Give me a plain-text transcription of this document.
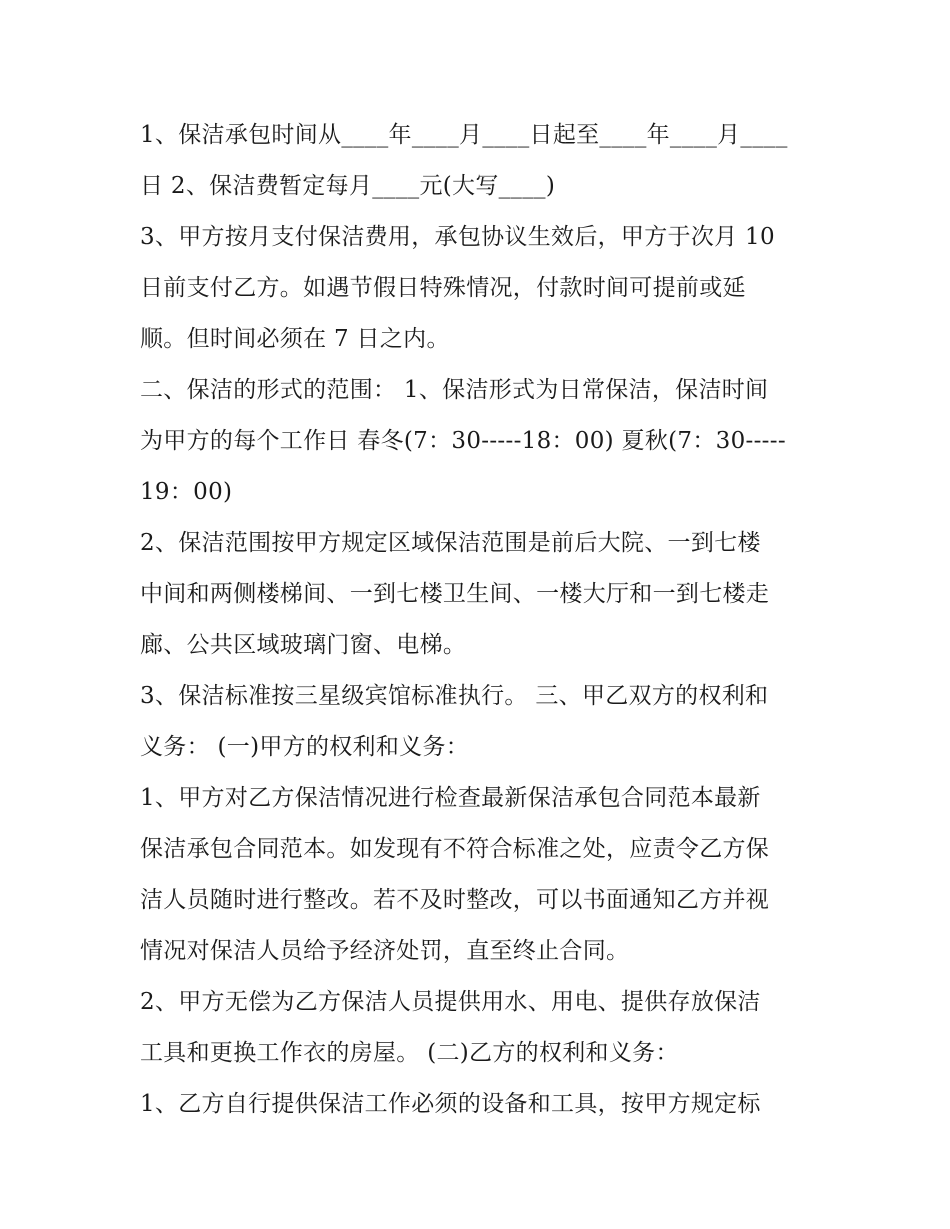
1、保洁承包时间从____年____月____日起至____年____月____
日 2、保洁费暂定每月____元(大写____)
3、甲方按月支付保洁费用，承包协议生效后，甲方于次月 10
日前支付乙方。如遇节假日特殊情况，付款时间可提前或延
顺。但时间必须在 7 日之内。
二、保洁的形式的范围： 1、保洁形式为日常保洁，保洁时间
为甲方的每个工作日 春冬(7：30-----18：00) 夏秋(7：30-----
19：00)
2、保洁范围按甲方规定区域保洁范围是前后大院、一到七楼
中间和两侧楼梯间、一到七楼卫生间、一楼大厅和一到七楼走
廊、公共区域玻璃门窗、电梯。
3、保洁标准按三星级宾馆标准执行。 三、甲乙双方的权利和
义务： (一)甲方的权利和义务：
1、甲方对乙方保洁情况进行检查最新保洁承包合同范本最新
保洁承包合同范本。如发现有不符合标准之处，应责令乙方保
洁人员随时进行整改。若不及时整改，可以书面通知乙方并视
情况对保洁人员给予经济处罚，直至终止合同。
2、甲方无偿为乙方保洁人员提供用水、用电、提供存放保洁
工具和更换工作衣的房屋。 (二)乙方的权利和义务：
1、乙方自行提供保洁工作必须的设备和工具，按甲方规定标
